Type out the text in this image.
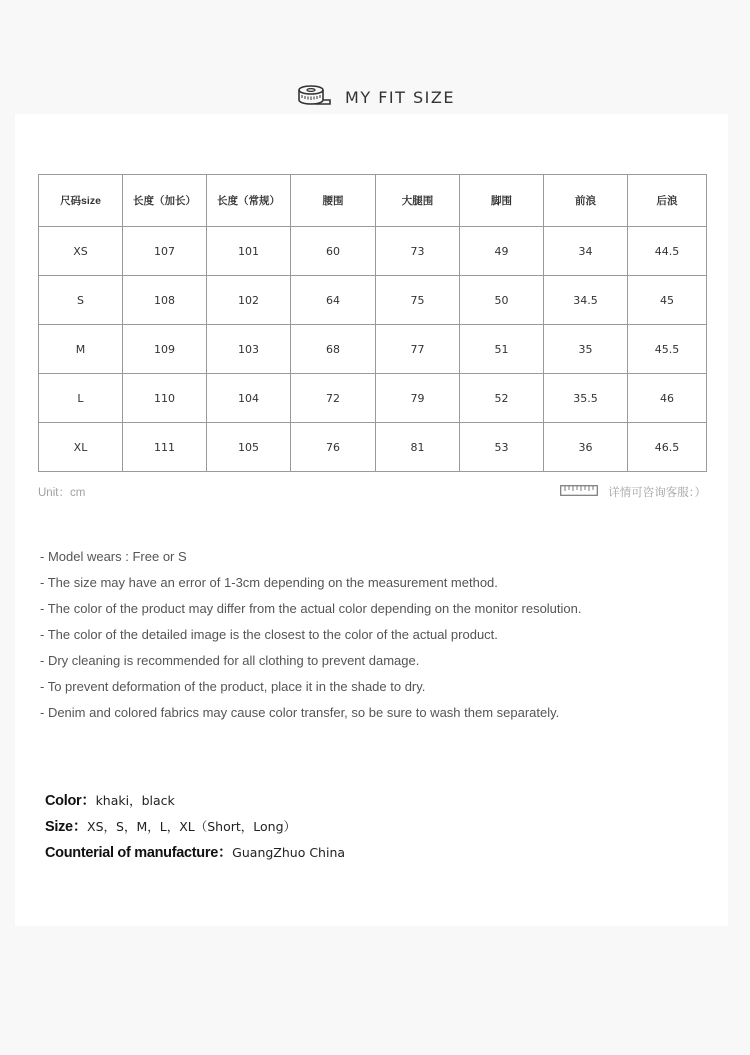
MY FIT SIZE
尺码size	长度（加长）	长度（常规）	腰围	大腿围	脚围	前浪	后浪
XS	107	101	60	73	49	34	44.5
S	108	102	64	75	50	34.5	45
M	109	103	68	77	51	35	45.5
L	110	104	72	79	52	35.5	46
XL	111	105	76	81	53	36	46.5
Unit：cm	详情可咨询客服：）
- Model wears : Free or S
- The size may have an error of 1-3cm depending on the measurement method.
- The color of the product may differ from the actual color depending on the monitor resolution.
- The color of the detailed image is the closest to the color of the actual product.
- Dry cleaning is recommended for all clothing to prevent damage.
- To prevent deformation of the product, place it in the shade to dry.
- Denim and colored fabrics may cause color transfer, so be sure to wash them separately.
Color： khaki，black
Size： XS，S，M，L，XL（Short，Long）
Counterial of manufacture： GuangZhuo China
